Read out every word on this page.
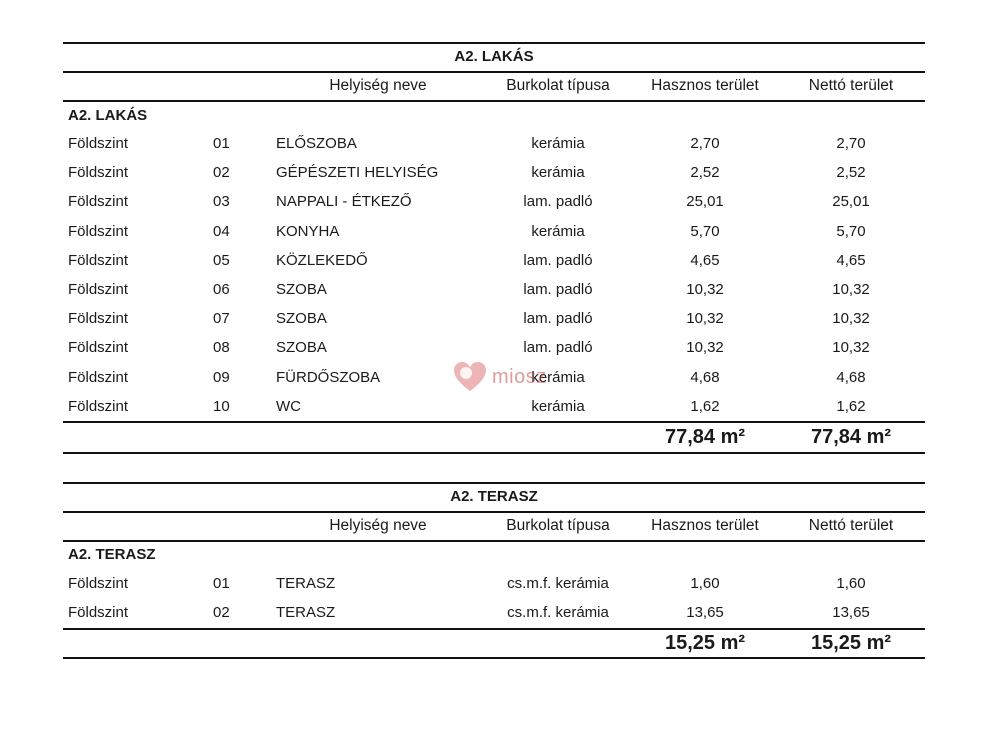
A2. LAKÁS
Helyiség neve	Burkolat típusa	Hasznos terület	Nettó terület
A2. LAKÁS
Földszint	01	ELŐSZOBA	kerámia	2,70	2,70
Földszint	02	GÉPÉSZETI HELYISÉG	kerámia	2,52	2,52
Földszint	03	NAPPALI - ÉTKEZŐ	lam. padló	25,01	25,01
Földszint	04	KONYHA	kerámia	5,70	5,70
Földszint	05	KÖZLEKEDŐ	lam. padló	4,65	4,65
Földszint	06	SZOBA	lam. padló	10,32	10,32
Földszint	07	SZOBA	lam. padló	10,32	10,32
Földszint	08	SZOBA	lam. padló	10,32	10,32
Földszint	09	FÜRDŐSZOBA	kerámia	4,68	4,68
Földszint	10	WC	kerámia	1,62	1,62
77,84 m²	77,84 m²
A2. TERASZ
Helyiség neve	Burkolat típusa	Hasznos terület	Nettó terület
A2. TERASZ
Földszint	01	TERASZ	cs.m.f. kerámia	1,60	1,60
Földszint	02	TERASZ	cs.m.f. kerámia	13,65	13,65
15,25 m²	15,25 m²
miosz
